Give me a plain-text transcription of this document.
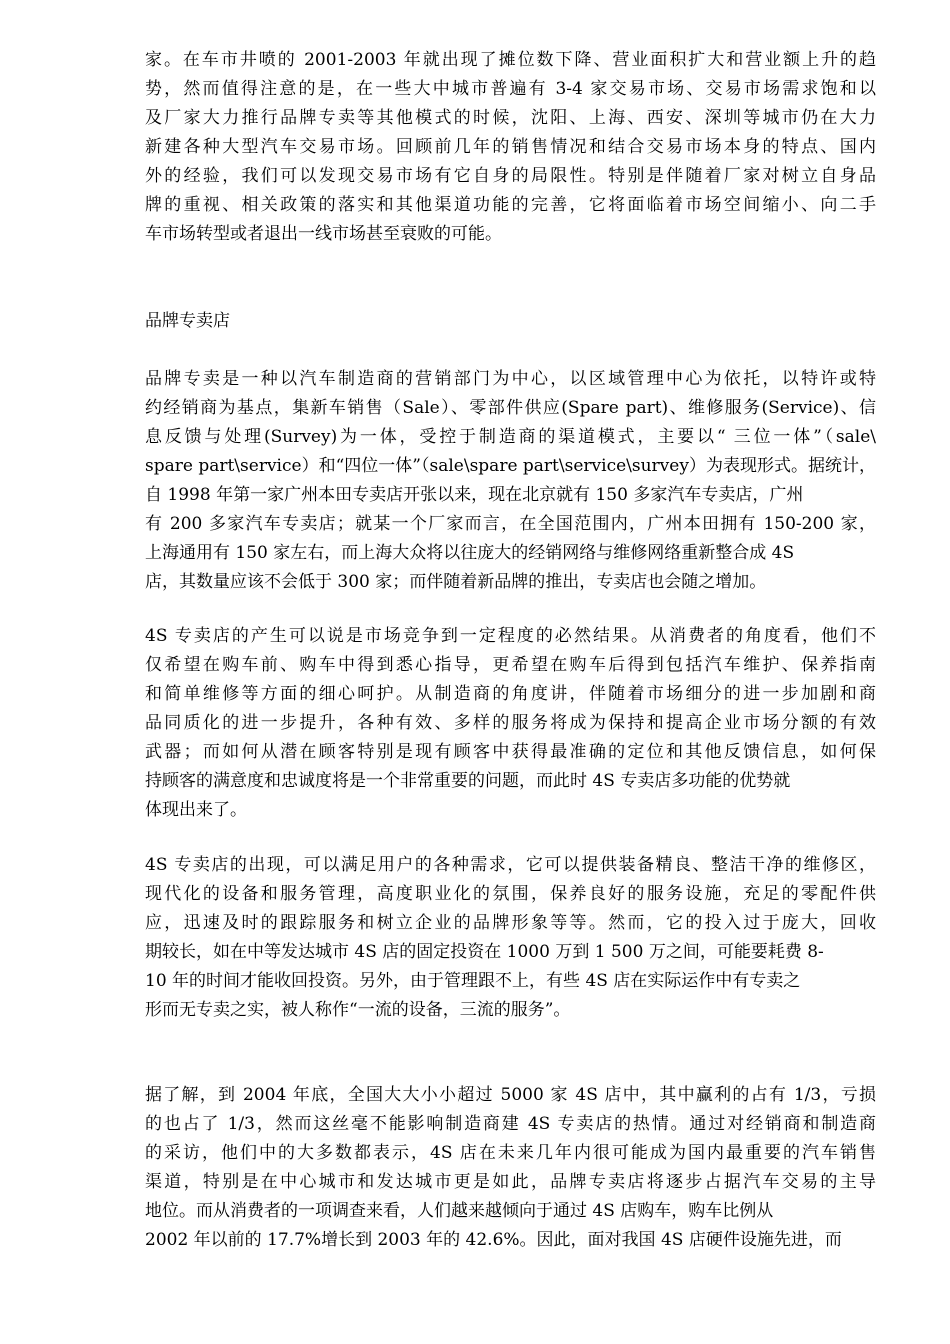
家。在车市井喷的 2001-2003 年就出现了摊位数下降、营业面积扩大和营业额上升的趋
势，然而值得注意的是，在一些大中城市普遍有 3-4 家交易市场、交易市场需求饱和以
及厂家大力推行品牌专卖等其他模式的时候，沈阳、上海、西安、深圳等城市仍在大力
新建各种大型汽车交易市场。回顾前几年的销售情况和结合交易市场本身的特点、国内
外的经验，我们可以发现交易市场有它自身的局限性。特别是伴随着厂家对树立自身品
牌的重视、相关政策的落实和其他渠道功能的完善，它将面临着市场空间缩小、向二手
车市场转型或者退出一线市场甚至衰败的可能。
品牌专卖店
品牌专卖是一种以汽车制造商的营销部门为中心，以区域管理中心为依托，以特许或特
约经销商为基点，集新车销售（Sale）、零部件供应(Spare part)、维修服务(Service)、信
息反馈与处理(Survey)为一体，受控于制造商的渠道模式，主要以“ 三位一体”（sale\
spare part\service）和“四位一体”（sale\spare part\service\survey）为表现形式。据统计，
自 1998 年第一家广州本田专卖店开张以来，现在北京就有 150 多家汽车专卖店，广州
有 200 多家汽车专卖店；就某一个厂家而言，在全国范围内，广州本田拥有 150-200 家，
上海通用有 150 家左右，而上海大众将以往庞大的经销网络与维修网络重新整合成 4S
店，其数量应该不会低于 300 家；而伴随着新品牌的推出，专卖店也会随之增加。
4S 专卖店的产生可以说是市场竞争到一定程度的必然结果。从消费者的角度看，他们不
仅希望在购车前、购车中得到悉心指导，更希望在购车后得到包括汽车维护、保养指南
和简单维修等方面的细心呵护。从制造商的角度讲，伴随着市场细分的进一步加剧和商
品同质化的进一步提升，各种有效、多样的服务将成为保持和提高企业市场分额的有效
武器；而如何从潜在顾客特别是现有顾客中获得最准确的定位和其他反馈信息，如何保
持顾客的满意度和忠诚度将是一个非常重要的问题，而此时 4S 专卖店多功能的优势就
体现出来了。
4S 专卖店的出现，可以满足用户的各种需求，它可以提供装备精良、整洁干净的维修区，
现代化的设备和服务管理，高度职业化的氛围，保养良好的服务设施，充足的零配件供
应，迅速及时的跟踪服务和树立企业的品牌形象等等。然而，它的投入过于庞大，回收
期较长，如在中等发达城市 4S 店的固定投资在 1000 万到 1 500 万之间，可能要耗费 8-
10 年的时间才能收回投资。另外，由于管理跟不上，有些 4S 店在实际运作中有专卖之
形而无专卖之实，被人称作“一流的设备，三流的服务”。
据了解，到 2004 年底，全国大大小小超过 5000 家 4S 店中，其中赢利的占有 1/3，亏损
的也占了 1/3，然而这丝毫不能影响制造商建 4S 专卖店的热情。通过对经销商和制造商
的采访，他们中的大多数都表示，4S 店在未来几年内很可能成为国内最重要的汽车销售
渠道，特别是在中心城市和发达城市更是如此，品牌专卖店将逐步占据汽车交易的主导
地位。而从消费者的一项调查来看，人们越来越倾向于通过 4S 店购车，购车比例从
2002 年以前的 17.7%增长到 2003 年的 42.6%。因此，面对我国 4S 店硬件设施先进，而
